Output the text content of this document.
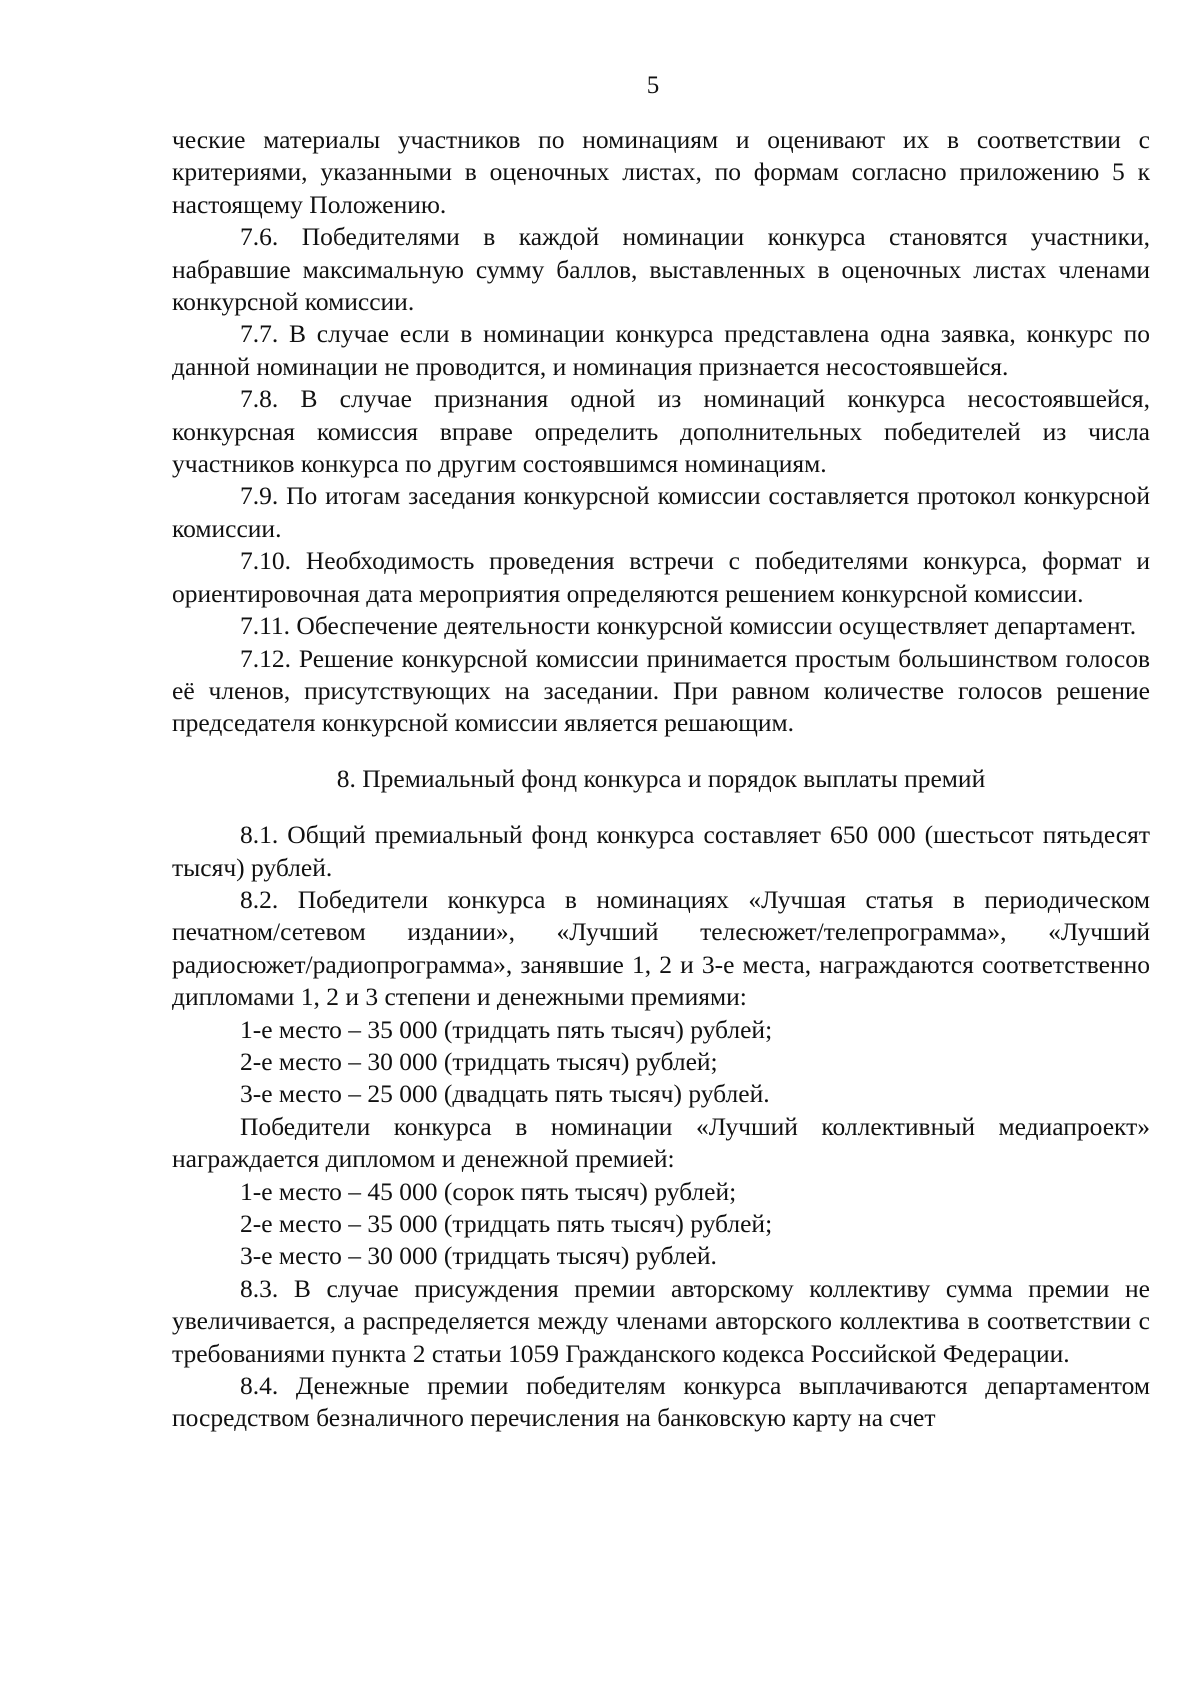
5

ческие материалы участников по номинациям и оценивают их в соответствии с критериями, указанными в оценочных листах, по формам согласно приложению 5 к настоящему Положению.

7.6. Победителями в каждой номинации конкурса становятся участники, набравшие максимальную сумму баллов, выставленных в оценочных листах членами конкурсной комиссии.

7.7. В случае если в номинации конкурса представлена одна заявка, конкурс по данной номинации не проводится, и номинация признается несостоявшейся.

7.8. В случае признания одной из номинаций конкурса несостоявшейся, конкурсная комиссия вправе определить дополнительных победителей из числа участников конкурса по другим состоявшимся номинациям.

7.9. По итогам заседания конкурсной комиссии составляется протокол конкурсной комиссии.

7.10. Необходимость проведения встречи с победителями конкурса, формат и ориентировочная дата мероприятия определяются решением конкурсной комиссии.

7.11. Обеспечение деятельности конкурсной комиссии осуществляет департамент.

7.12. Решение конкурсной комиссии принимается простым большинством голосов её членов, присутствующих на заседании. При равном количестве голосов решение председателя конкурсной комиссии является решающим.

8. Премиальный фонд конкурса и порядок выплаты премий

8.1. Общий премиальный фонд конкурса составляет 650 000 (шестьсот пятьдесят тысяч) рублей.

8.2. Победители конкурса в номинациях «Лучшая статья в периодическом печатном/сетевом издании», «Лучший телесюжет/телепрограмма», «Лучший радиосюжет/радиопрограмма», занявшие 1, 2 и 3-е места, награждаются соответственно дипломами 1, 2 и 3 степени и денежными премиями:

1-е место – 35 000 (тридцать пять тысяч) рублей;

2-е место – 30 000 (тридцать тысяч) рублей;

3-е место – 25 000 (двадцать пять тысяч) рублей.

Победители конкурса в номинации «Лучший коллективный медиапроект» награждается дипломом и денежной премией:

1-е место – 45 000 (сорок пять тысяч) рублей;

2-е место – 35 000 (тридцать пять тысяч) рублей;

3-е место – 30 000 (тридцать тысяч) рублей.

8.3. В случае присуждения премии авторскому коллективу сумма премии не увеличивается, а распределяется между членами авторского коллектива в соответствии с требованиями пункта 2 статьи 1059 Гражданского кодекса Российской Федерации.

8.4. Денежные премии победителям конкурса выплачиваются департаментом посредством безналичного перечисления на банковскую карту на счет
